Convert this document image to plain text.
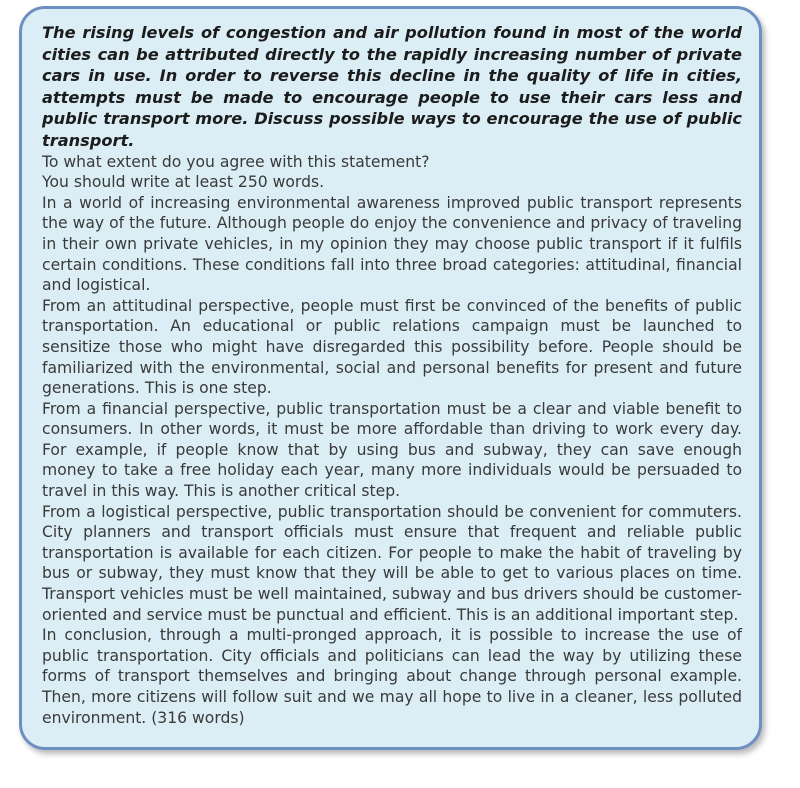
The rising levels of congestion and air pollution found in most of the world cities can be attributed directly to the rapidly increasing number of private cars in use. In order to reverse this decline in the quality of life in cities, attempts must be made to encourage people to use their cars less and public transport more. Discuss possible ways to encourage the use of public transport.

To what extent do you agree with this statement?

You should write at least 250 words.

In a world of increasing environmental awareness improved public transport represents the way of the future. Although people do enjoy the convenience and privacy of traveling in their own private vehicles, in my opinion they may choose public transport if it fulfils certain conditions. These conditions fall into three broad categories: attitudinal, financial and logistical.

From an attitudinal perspective, people must first be convinced of the benefits of public transportation. An educational or public relations campaign must be launched to sensitize those who might have disregarded this possibility before. People should be familiarized with the environmental, social and personal benefits for present and future generations. This is one step.

From a financial perspective, public transportation must be a clear and viable benefit to consumers. In other words, it must be more affordable than driving to work every day. For example, if people know that by using bus and subway, they can save enough money to take a free holiday each year, many more individuals would be persuaded to travel in this way. This is another critical step.

From a logistical perspective, public transportation should be convenient for commuters. City planners and transport officials must ensure that frequent and reliable public transportation is available for each citizen. For people to make the habit of traveling by bus or subway, they must know that they will be able to get to various places on time. Transport vehicles must be well maintained, subway and bus drivers should be customer-oriented and service must be punctual and efficient. This is an additional important step.

In conclusion, through a multi-pronged approach, it is possible to increase the use of public transportation. City officials and politicians can lead the way by utilizing these forms of transport themselves and bringing about change through personal example. Then, more citizens will follow suit and we may all hope to live in a cleaner, less polluted environment. (316 words)
